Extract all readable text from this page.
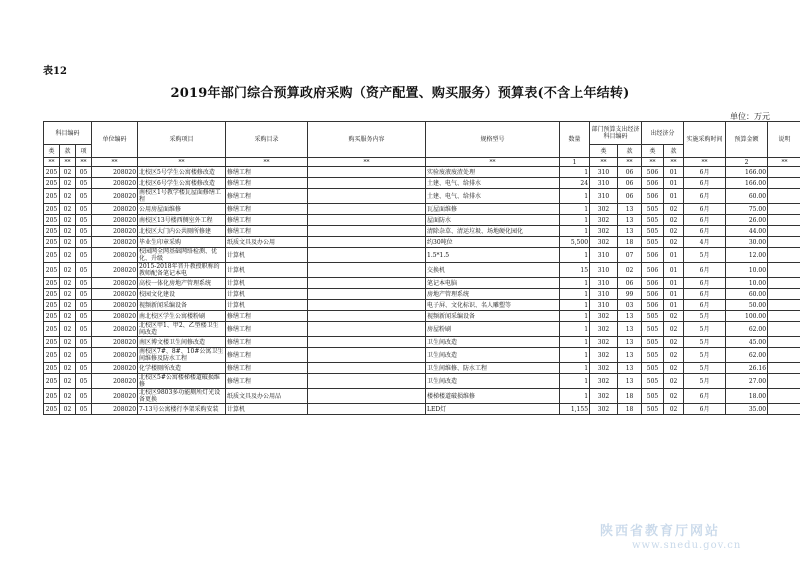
表12
2019年部门综合预算政府采购（资产配置、购买服务）预算表(不含上年结转)
单位：万元
科目编码			单位编码	采购项目	采购目录	购买服务内容	规格型号	数量	部门预算支出经济科目编码		出经济分		实施采购时间	预算金额	说明
类	款	项							类	款	类	款			
**	**	**	**	**	**	**	**	1	**	**	**	**	**	2	**
205	02	05	208020	北校区5号学生公寓楼修改造	修缮工程		实验废液废渣处理	1	310	06	506	01	6月	166.00	
205	02	05	208020	北校区6号学生公寓楼修改造	修缮工程		土建、电气、给排水	24	310	06	506	01	6月	166.00	
205	02	05	208020	南校区1号教学楼瓦屋面修缮工程	修缮工程		土建、电气、给排水	1	310	06	506	01	6月	60.00	
205	02	05	208020	公用房屋面维修	修缮工程		瓦屋面维修	1	302	13	505	02	6月	75.00	
205	02	05	208020	南校区13号楼西侧室外工程	修缮工程		屋面防水	1	302	13	505	02	6月	26.00	
205	02	05	208020	北校区大门内公共厕所修建	修缮工程		清除杂草、清运垃圾、场地硬化园化	1	302	13	505	02	6月	44.00	
205	02	05	208020	毕业生印章采购	纸质文具及办公用		约30吨位	5,500	302	18	505	02	4月	30.00	
205	02	05	208020	校园网全网基础网络检测、优化、升级	计算机		1.5*1.5	1	310	07	506	01	5月	12.00	
205	02	05	208020	2015-2018年晋升教授职称的教师配备笔记本电	计算机		交换机	15	310	02	506	01	6月	10.00	
205	02	05	208020	高校一体化房地产管理系统	计算机		笔记本电脑	1	310	06	506	01	6月	10.00	
205	02	05	208020	校园文化建设	计算机		房地产管理系统	1	310	99	506	01	6月	60.00	
205	02	05	208020	视频新闻采编设备	计算机		电子屏、文化标识、名人雕塑等	1	310	03	506	01	6月	50.00	
205	02	05	208020	南北校区学生公寓楼粉刷	修缮工程		视频新闻采编设备	1	302	13	505	02	5月	100.00	
205	02	05	208020	北校区甲1、甲2、乙型楼卫生间改造	修缮工程		房屋粉刷	1	302	13	505	02	5月	62.00	
205	02	05	208020	南区博文楼卫生间修改造	修缮工程		卫生间改造	1	302	13	505	02	5月	45.00	
205	02	05	208020	南校区7#、8#、10#公寓卫生间维修及防水工程	修缮工程		卫生间改造	1	302	13	505	02	5月	62.00	
205	02	05	208020	化学楼厕所改造	修缮工程		卫生间维修、防水工程	1	302	13	505	02	5月	26.16	
205	02	05	208020	北校区5#公寓楼梯楼道破损维修	修缮工程		卫生间改造	1	302	13	505	02	5月	27.00	
205	02	05	208020	北校区9803多功能厕所灯光设备更换	纸质文具及办公用品		楼梯楼道破损维修	1	302	18	505	02	6月	18.00	
205	02	05	208020	7-13号公寓楼行李架采购安装	计算机		LED灯	1,155	302	18	505	02	6月	35.00	
陕西省教育厅网站
www.snedu.gov.cn
